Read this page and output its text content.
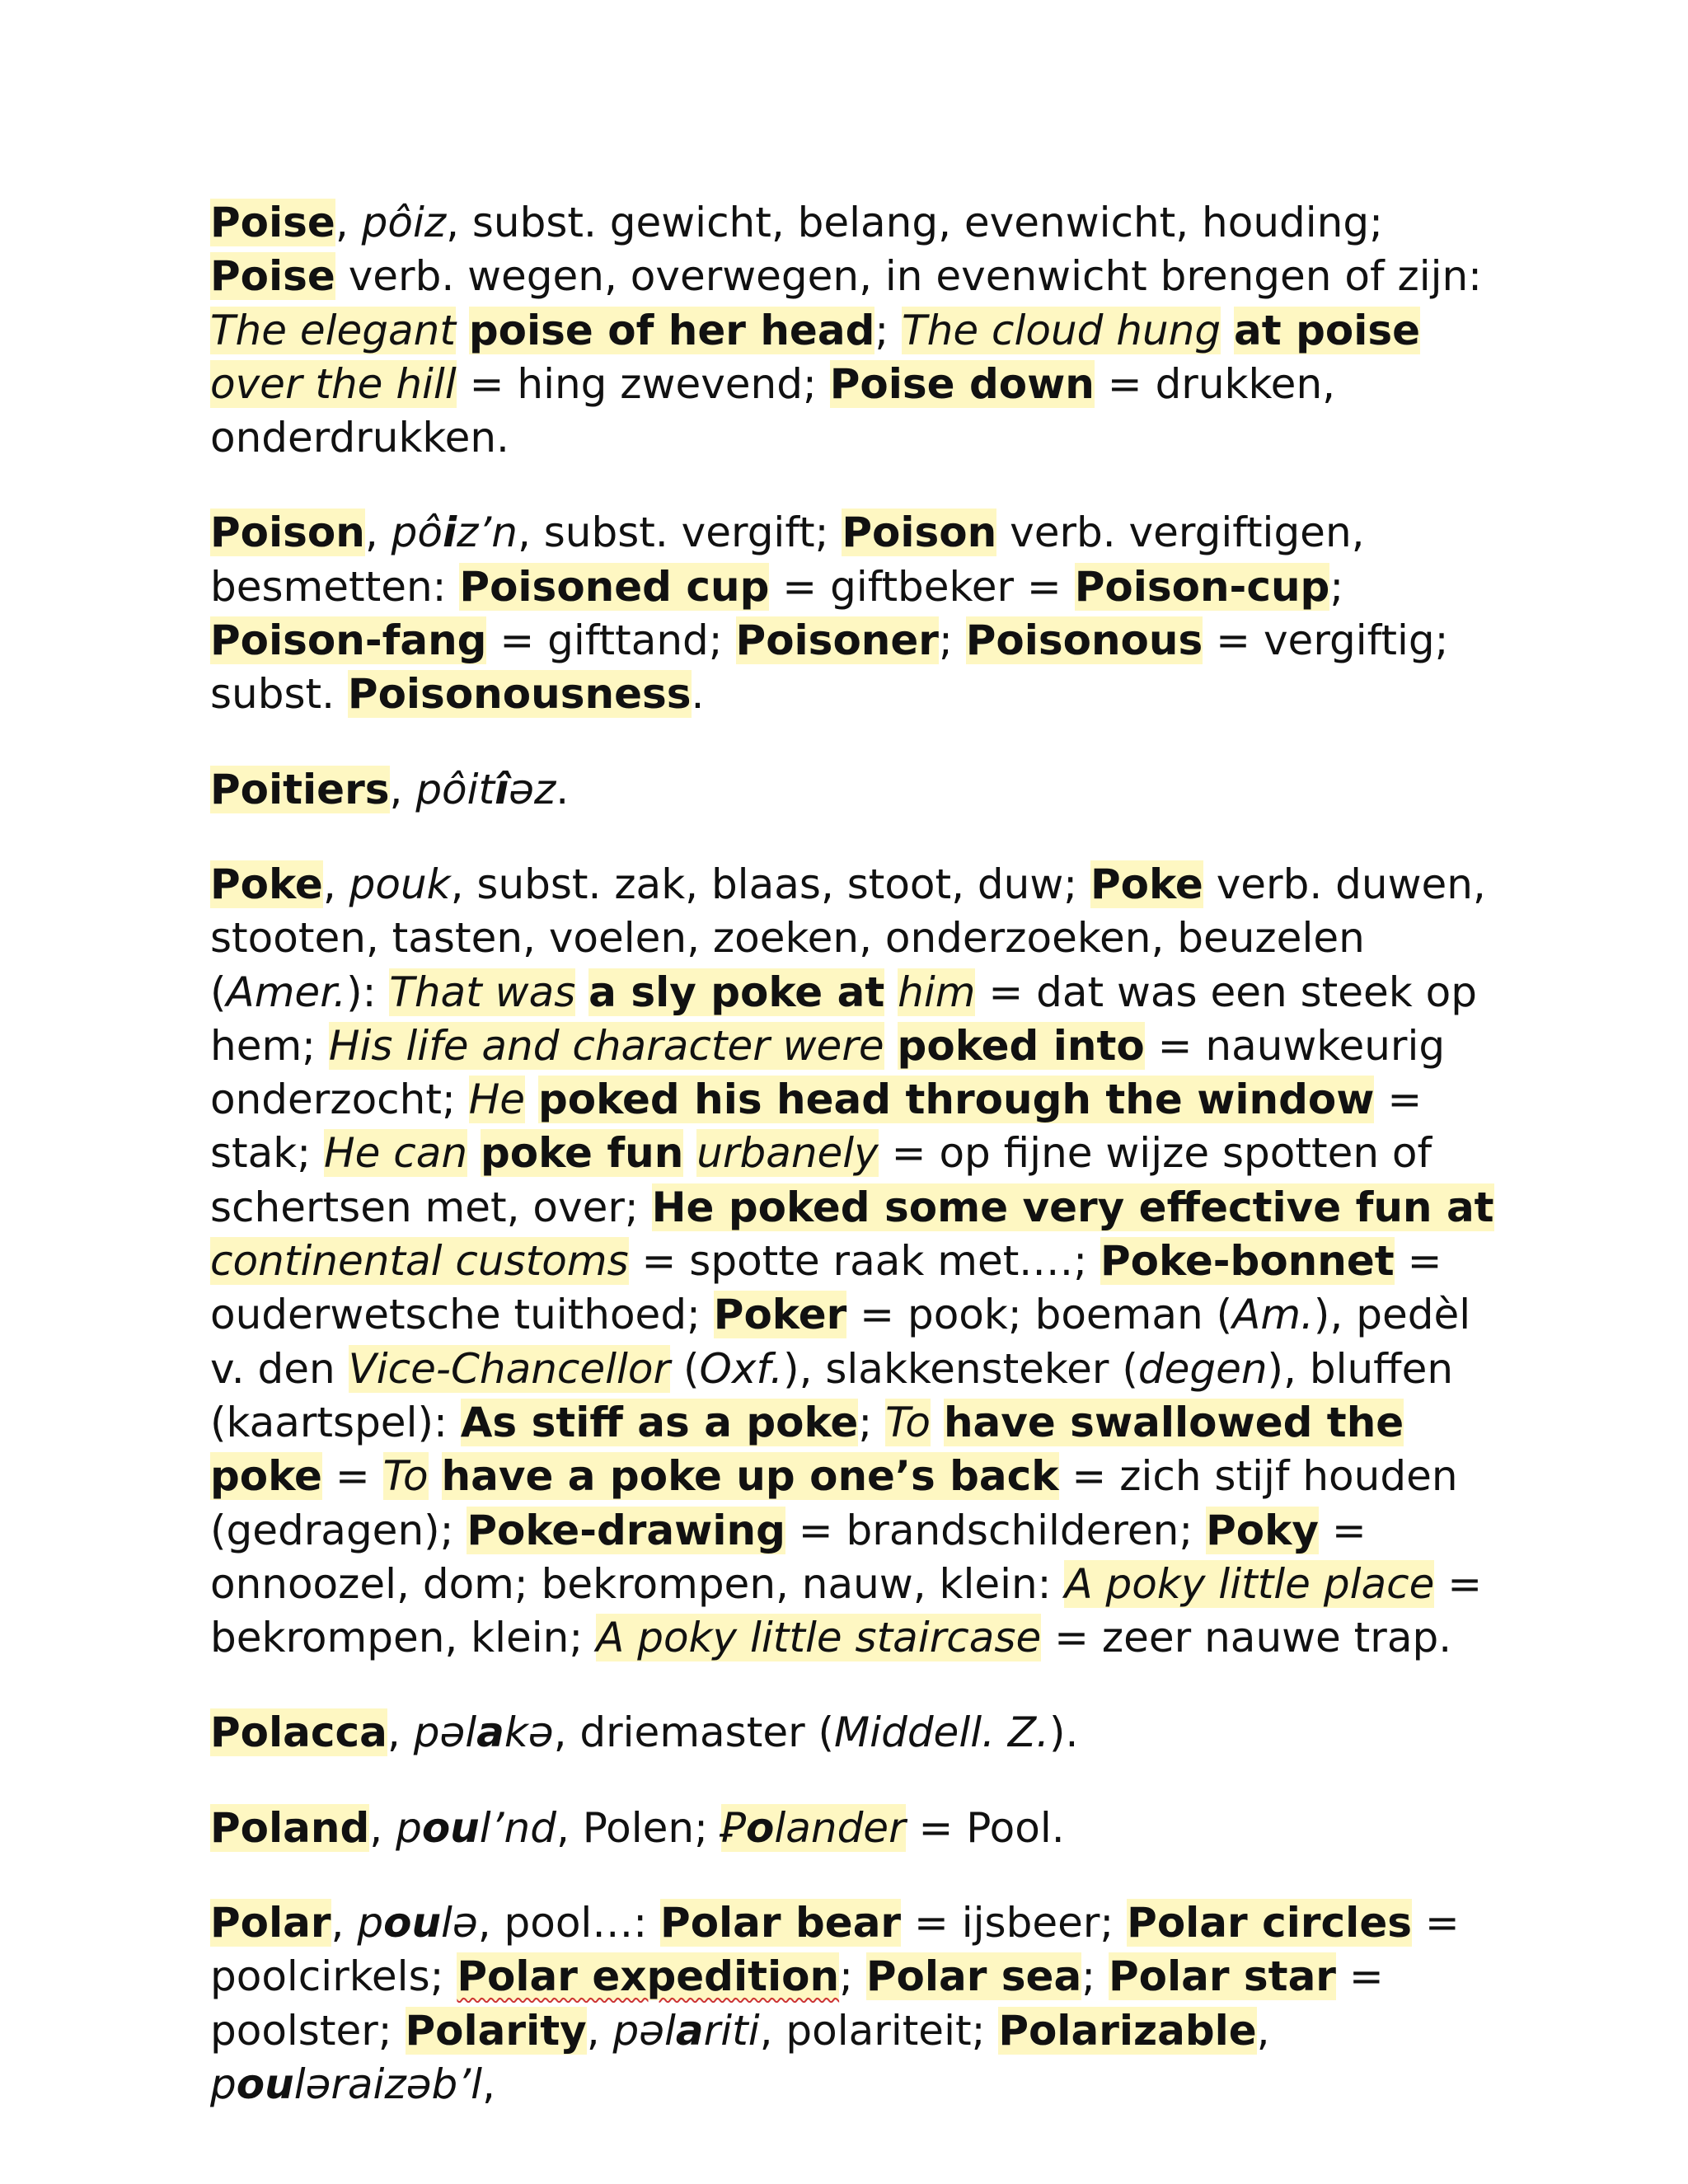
Poise, pôiz, subst. gewicht, belang, evenwicht, houding; Poise verb. wegen, overwegen, in evenwicht brengen of zijn: The elegant poise of her head; The cloud hung at poise over the hill = hing zwevend; Poise down = drukken, onderdrukken.

Poison, pôiz’n, subst. vergift; Poison verb. vergiftigen, besmetten: Poisoned cup = giftbeker = Poison-cup; Poison-fang = gifttand; Poisoner; Poisonous = vergiftig; subst. Poisonousness.

Poitiers, pôitîəz.

Poke, pouk, subst. zak, blaas, stoot, duw; Poke verb. duwen, stooten, tasten, voelen, zoeken, onderzoeken, beuzelen (Amer.): That was a sly poke at him = dat was een steek op hem; His life and character were poked into = nauwkeurig onderzocht; He poked his head through the window = stak; He can poke fun urbanely = op fijne wijze spotten of schertsen met, over; He poked some very effective fun at continental customs = spotte raak met.…; Poke-bonnet = ouderwetsche tuithoed; Poker = pook; boeman (Am.), pedèl v. den Vice-Chancellor (Oxf.), slakkensteker (degen), bluffen (kaartspel): As stiff as a poke; To have swallowed the poke = To have a poke up one’s back = zich stijf houden (gedragen); Poke-drawing = brandschilderen; Poky = onnoozel, dom; bekrompen, nauw, klein: A poky little place = bekrompen, klein; A poky little staircase = zeer nauwe trap.

Polacca, pəlakə, driemaster (Middell. Z.).

Poland, poul’nd, Polen; Ꝑolander = Pool.

Polar, poulə, pool…: Polar bear = ijsbeer; Polar circles = poolcirkels; Polar expedition; Polar sea; Polar star = poolster; Polarity, pəlariti, polariteit; Polarizable, pouləraizəb’l,
